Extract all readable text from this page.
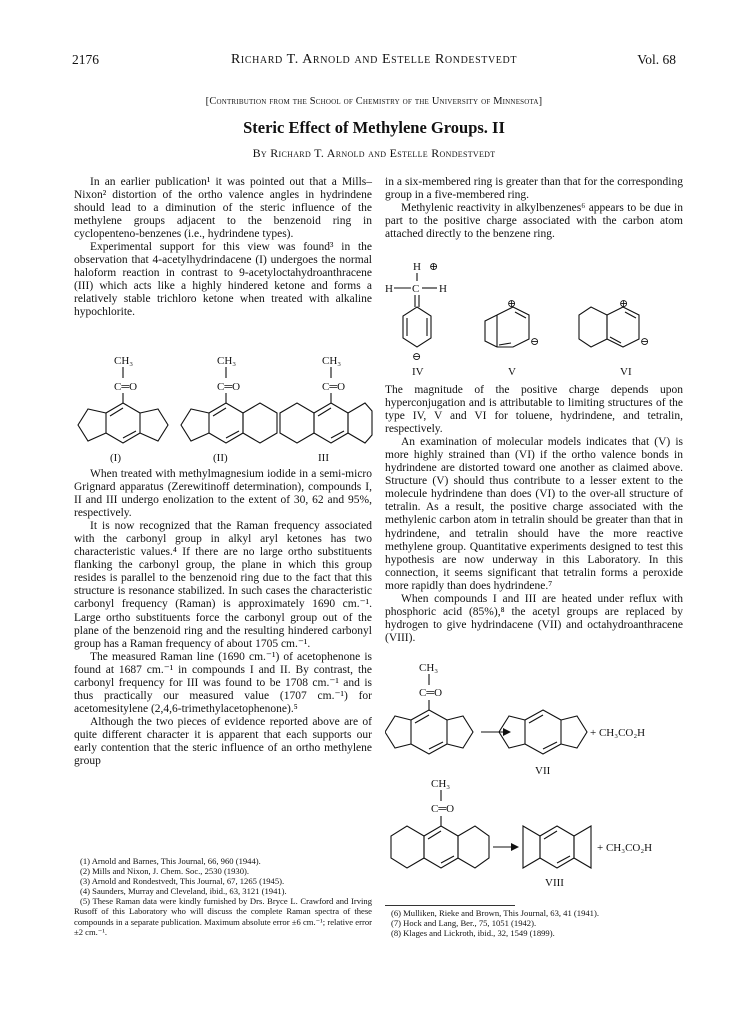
2176	Richard T. Arnold and Estelle Rondestvedt	Vol. 68
[Contribution from the School of Chemistry of the University of Minnesota]
Steric Effect of Methylene Groups. II
By Richard T. Arnold and Estelle Rondestvedt

In an earlier publication¹ it was pointed out that a Mills–Nixon² distortion of the ortho valence angles in hydrindene should lead to a diminution of the steric influence of the methylene groups adjacent to the benzenoid ring in cyclopenteno-benzenes (i.e., hydrindene types).

Experimental support for this view was found³ in the observation that 4-acetylhydrindacene (I) undergoes the normal haloform reaction in contrast to 9-acetyloctahydroanthracene (III) which acts like a highly hindered ketone and forms a relatively stable trichloro ketone when treated with alkaline hypochlorite.

CH₃
C═O
(I)
CH₃
C═O
(II)
CH₃
C═O
III

When treated with methylmagnesium iodide in a semi-micro Grignard apparatus (Zerewitinoff determination), compounds I, II and III undergo enolization to the extent of 30, 62 and 95%, respectively.

It is now recognized that the Raman frequency associated with the carbonyl group in alkyl aryl ketones has two characteristic values.⁴ If there are no large ortho substituents flanking the carbonyl group, the plane in which this group resides is parallel to the benzenoid ring due to the fact that this structure is resonance stabilized. In such cases the characteristic carbonyl frequency (Raman) is approximately 1690 cm.⁻¹. Large ortho substituents force the carbonyl group out of the plane of the benzenoid ring and the resulting hindered carbonyl group has a Raman frequency of about 1705 cm.⁻¹.

The measured Raman line (1690 cm.⁻¹) of acetophenone is found at 1687 cm.⁻¹ in compounds I and II. By contrast, the carbonyl frequency for III was found to be 1708 cm.⁻¹ and is thus practically our measured value (1707 cm.⁻¹) for acetomesitylene (2,4,6-trimethylacetophenone).⁵

Although the two pieces of evidence reported above are of quite different character it is apparent that each supports our early contention that the steric influence of an ortho methylene group

(1) Arnold and Barnes, This Journal, 66, 960 (1944).
(2) Mills and Nixon, J. Chem. Soc., 2530 (1930).
(3) Arnold and Rondestvedt, This Journal, 67, 1265 (1945).
(4) Saunders, Murray and Cleveland, ibid., 63, 3121 (1941).
(5) These Raman data were kindly furnished by Drs. Bryce L. Crawford and Irving Rusoff of this Laboratory who will discuss the complete Raman spectra of these compounds in a separate publication. Maximum absolute error ±6 cm.⁻¹; relative error ±2 cm.⁻¹.

in a six-membered ring is greater than that for the corresponding group in a five-membered ring.

Methylenic reactivity in alkylbenzenes⁶ appears to be due in part to the positive charge associated with the carbon atom attached directly to the benzene ring.

H ⊕
H C H
⊖
IV
⊕
⊖
V
⊕
⊖
VI

The magnitude of the positive charge depends upon hyperconjugation and is attributable to limiting structures of the type IV, V and VI for toluene, hydrindene, and tetralin, respectively.

An examination of molecular models indicates that (V) is more highly strained than (VI) if the ortho valence bonds in hydrindene are distorted toward one another as claimed above. Structure (V) should thus contribute to a lesser extent to the molecule hydrindene than does (VI) to the over-all structure of tetralin. As a result, the positive charge associated with the methylenic carbon atom in tetralin should be greater than that in hydrindene, and tetralin should have the more reactive methylene group. Quantitative experiments designed to test this hypothesis are now underway in this Laboratory. In this connection, it seems significant that tetralin forms a peroxide more rapidly than does hydrindene.⁷

When compounds I and III are heated under reflux with phosphoric acid (85%),⁸ the acetyl groups are replaced by hydrogen to give hydrindacene (VII) and octahydroanthracene (VIII).

CH₃
C═O
+ CH₃CO₂H
VII
CH₃
C═O
+ CH₃CO₂H
VIII
(6) Mulliken, Rieke and Brown, This Journal, 63, 41 (1941).
(7) Hock and Lang, Ber., 75, 1051 (1942).
(8) Klages and Lickroth, ibid., 32, 1549 (1899).
